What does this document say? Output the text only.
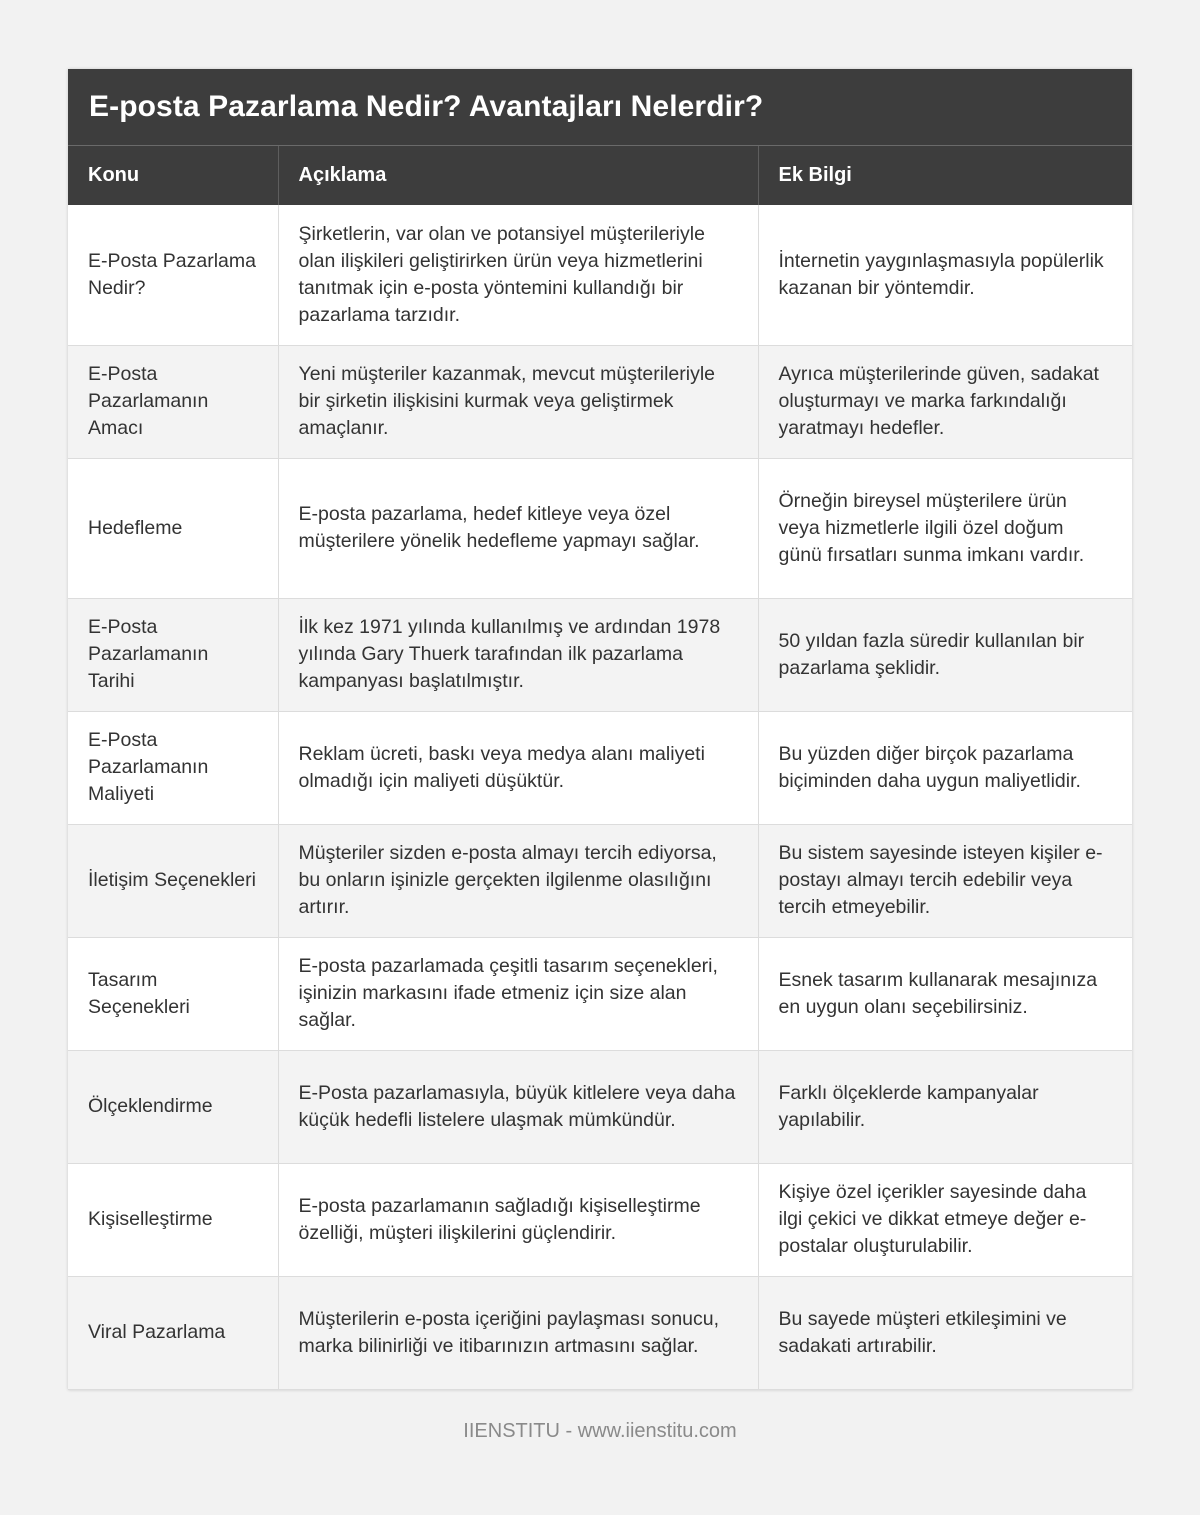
E-posta Pazarlama Nedir? Avantajları Nelerdir?
Konu	Açıklama	Ek Bilgi
E-Posta Pazarlama Nedir?	Şirketlerin, var olan ve potansiyel müşterileriyle olan ilişkileri geliştirirken ürün veya hizmetlerini tanıtmak için e-posta yöntemini kullandığı bir pazarlama tarzıdır.	İnternetin yaygınlaşmasıyla popülerlik kazanan bir yöntemdir.
E-Posta Pazarlamanın Amacı	Yeni müşteriler kazanmak, mevcut müşterileriyle bir şirketin ilişkisini kurmak veya geliştirmek amaçlanır.	Ayrıca müşterilerinde güven, sadakat oluşturmayı ve marka farkındalığı yaratmayı hedefler.
Hedefleme	E-posta pazarlama, hedef kitleye veya özel müşterilere yönelik hedefleme yapmayı sağlar.	Örneğin bireysel müşterilere ürün veya hizmetlerle ilgili özel doğum günü fırsatları sunma imkanı vardır.
E-Posta Pazarlamanın Tarihi	İlk kez 1971 yılında kullanılmış ve ardından 1978 yılında Gary Thuerk tarafından ilk pazarlama kampanyası başlatılmıştır.	50 yıldan fazla süredir kullanılan bir pazarlama şeklidir.
E-Posta Pazarlamanın Maliyeti	Reklam ücreti, baskı veya medya alanı maliyeti olmadığı için maliyeti düşüktür.	Bu yüzden diğer birçok pazarlama biçiminden daha uygun maliyetlidir.
İletişim Seçenekleri	Müşteriler sizden e-posta almayı tercih ediyorsa, bu onların işinizle gerçekten ilgilenme olasılığını artırır.	Bu sistem sayesinde isteyen kişiler e-postayı almayı tercih edebilir veya tercih etmeyebilir.
Tasarım Seçenekleri	E-posta pazarlamada çeşitli tasarım seçenekleri, işinizin markasını ifade etmeniz için size alan sağlar.	Esnek tasarım kullanarak mesajınıza en uygun olanı seçebilirsiniz.
Ölçeklendirme	E-Posta pazarlamasıyla, büyük kitlelere veya daha küçük hedefli listelere ulaşmak mümkündür.	Farklı ölçeklerde kampanyalar yapılabilir.
Kişiselleştirme	E-posta pazarlamanın sağladığı kişiselleştirme özelliği, müşteri ilişkilerini güçlendirir.	Kişiye özel içerikler sayesinde daha ilgi çekici ve dikkat etmeye değer e-postalar oluşturulabilir.
Viral Pazarlama	Müşterilerin e-posta içeriğini paylaşması sonucu, marka bilinirliği ve itibarınızın artmasını sağlar.	Bu sayede müşteri etkileşimini ve sadakati artırabilir.
IIENSTITU - www.iienstitu.com
